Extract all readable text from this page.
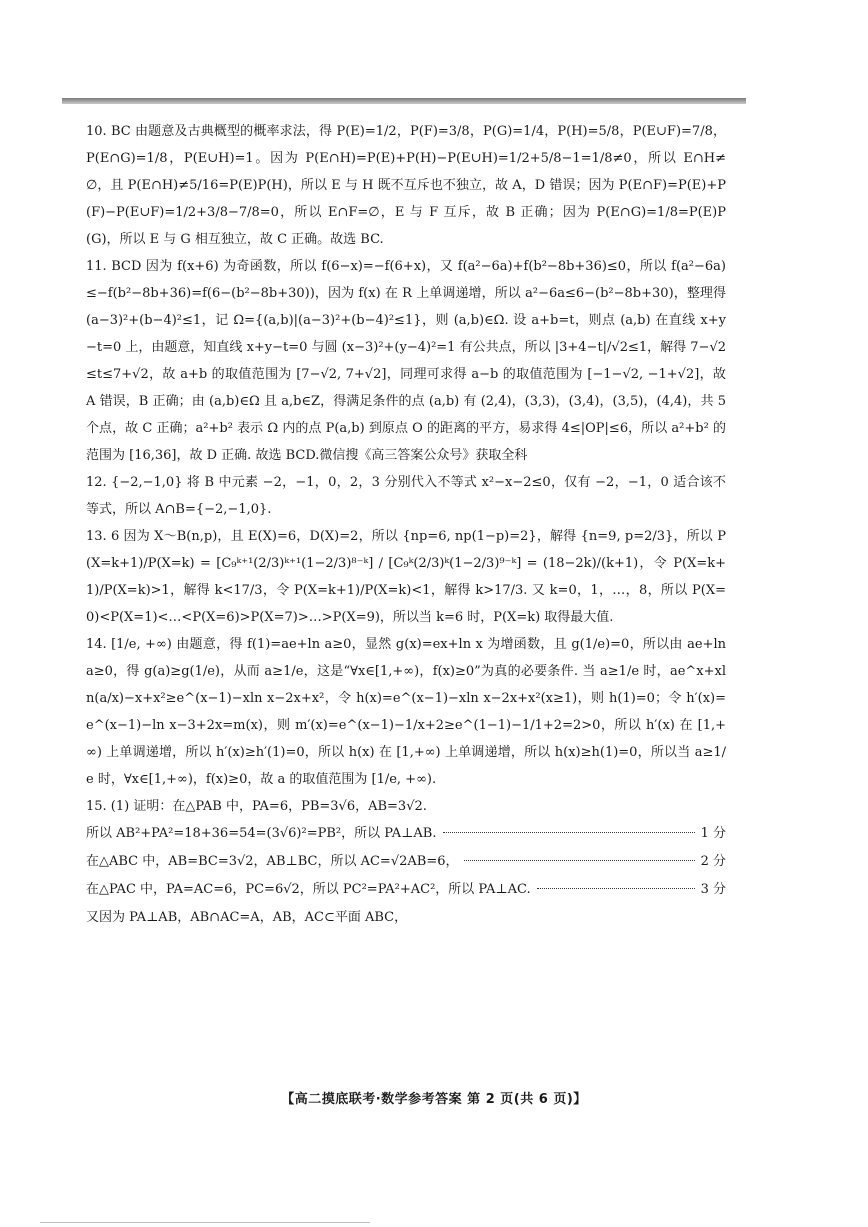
10. BC 由题意及古典概型的概率求法，得 P(E)=1/2，P(F)=3/8，P(G)=1/4，P(H)=5/8，P(E∪F)=7/8，P(E∩G)=1/8，P(E∪H)=1。因为 P(E∩H)=P(E)+P(H)−P(E∪H)=1/2+5/8−1=1/8≠0，所以 E∩H≠∅，且 P(E∩H)≠5/16=P(E)P(H)，所以 E 与 H 既不互斥也不独立，故 A，D 错误；因为 P(E∩F)=P(E)+P(F)−P(E∪F)=1/2+3/8−7/8=0，所以 E∩F=∅，E 与 F 互斥，故 B 正确；因为 P(E∩G)=1/8=P(E)P(G)，所以 E 与 G 相互独立，故 C 正确。故选 BC.

11. BCD 因为 f(x+6) 为奇函数，所以 f(6−x)=−f(6+x)，又 f(a²−6a)+f(b²−8b+36)≤0，所以 f(a²−6a)≤−f(b²−8b+36)=f(6−(b²−8b+30))，因为 f(x) 在 R 上单调递增，所以 a²−6a≤6−(b²−8b+30)，整理得 (a−3)²+(b−4)²≤1，记 Ω={(a,b)|(a−3)²+(b−4)²≤1}，则 (a,b)∈Ω. 设 a+b=t，则点 (a,b) 在直线 x+y−t=0 上，由题意，知直线 x+y−t=0 与圆 (x−3)²+(y−4)²=1 有公共点，所以 |3+4−t|/√2≤1，解得 7−√2≤t≤7+√2，故 a+b 的取值范围为 [7−√2, 7+√2]，同理可求得 a−b 的取值范围为 [−1−√2, −1+√2]，故 A 错误，B 正确；由 (a,b)∈Ω 且 a,b∈Z，得满足条件的点 (a,b) 有 (2,4)，(3,3)，(3,4)，(3,5)，(4,4)，共 5 个点，故 C 正确；a²+b² 表示 Ω 内的点 P(a,b) 到原点 O 的距离的平方，易求得 4≤|OP|≤6，所以 a²+b² 的范围为 [16,36]，故 D 正确. 故选 BCD.微信搜《高三答案公众号》获取全科

12. {−2,−1,0} 将 B 中元素 −2，−1，0，2，3 分别代入不等式 x²−x−2≤0，仅有 −2，−1，0 适合该不等式，所以 A∩B={−2,−1,0}.

13. 6 因为 X～B(n,p)，且 E(X)=6，D(X)=2，所以 {np=6, np(1−p)=2}，解得 {n=9, p=2/3}，所以 P(X=k+1)/P(X=k) = [C₉ᵏ⁺¹(2/3)ᵏ⁺¹(1−2/3)⁸⁻ᵏ] / [C₉ᵏ(2/3)ᵏ(1−2/3)⁹⁻ᵏ] = (18−2k)/(k+1)，令 P(X=k+1)/P(X=k)>1，解得 k<17/3，令 P(X=k+1)/P(X=k)<1，解得 k>17/3. 又 k=0，1，…，8，所以 P(X=0)<P(X=1)<…<P(X=6)>P(X=7)>…>P(X=9)，所以当 k=6 时，P(X=k) 取得最大值.

14. [1/e, +∞) 由题意，得 f(1)=ae+ln a≥0，显然 g(x)=ex+ln x 为增函数，且 g(1/e)=0，所以由 ae+ln a≥0，得 g(a)≥g(1/e)，从而 a≥1/e，这是“∀x∈[1,+∞)，f(x)≥0”为真的必要条件. 当 a≥1/e 时，ae^x+xln(a/x)−x+x²≥e^(x−1)−xln x−2x+x²，令 h(x)=e^(x−1)−xln x−2x+x²(x≥1)，则 h(1)=0；令 h′(x)=e^(x−1)−ln x−3+2x=m(x)，则 m′(x)=e^(x−1)−1/x+2≥e^(1−1)−1/1+2=2>0，所以 h′(x) 在 [1,+∞) 上单调递增，所以 h′(x)≥h′(1)=0，所以 h(x) 在 [1,+∞) 上单调递增，所以 h(x)≥h(1)=0，所以当 a≥1/e 时，∀x∈[1,+∞)，f(x)≥0，故 a 的取值范围为 [1/e, +∞).

15. (1) 证明：在△PAB 中，PA=6，PB=3√6，AB=3√2.

所以 AB²+PA²=18+36=54=(3√6)²=PB²，所以 PA⊥AB.	1 分
在△ABC 中，AB=BC=3√2，AB⊥BC，所以 AC=√2AB=6，	2 分
在△PAC 中，PA=AC=6，PC=6√2，所以 PC²=PA²+AC²，所以 PA⊥AC.	3 分
又因为 PA⊥AB，AB∩AC=A，AB，AC⊂平面 ABC，
【高二摸底联考·数学参考答案 第 2 页(共 6 页)】
